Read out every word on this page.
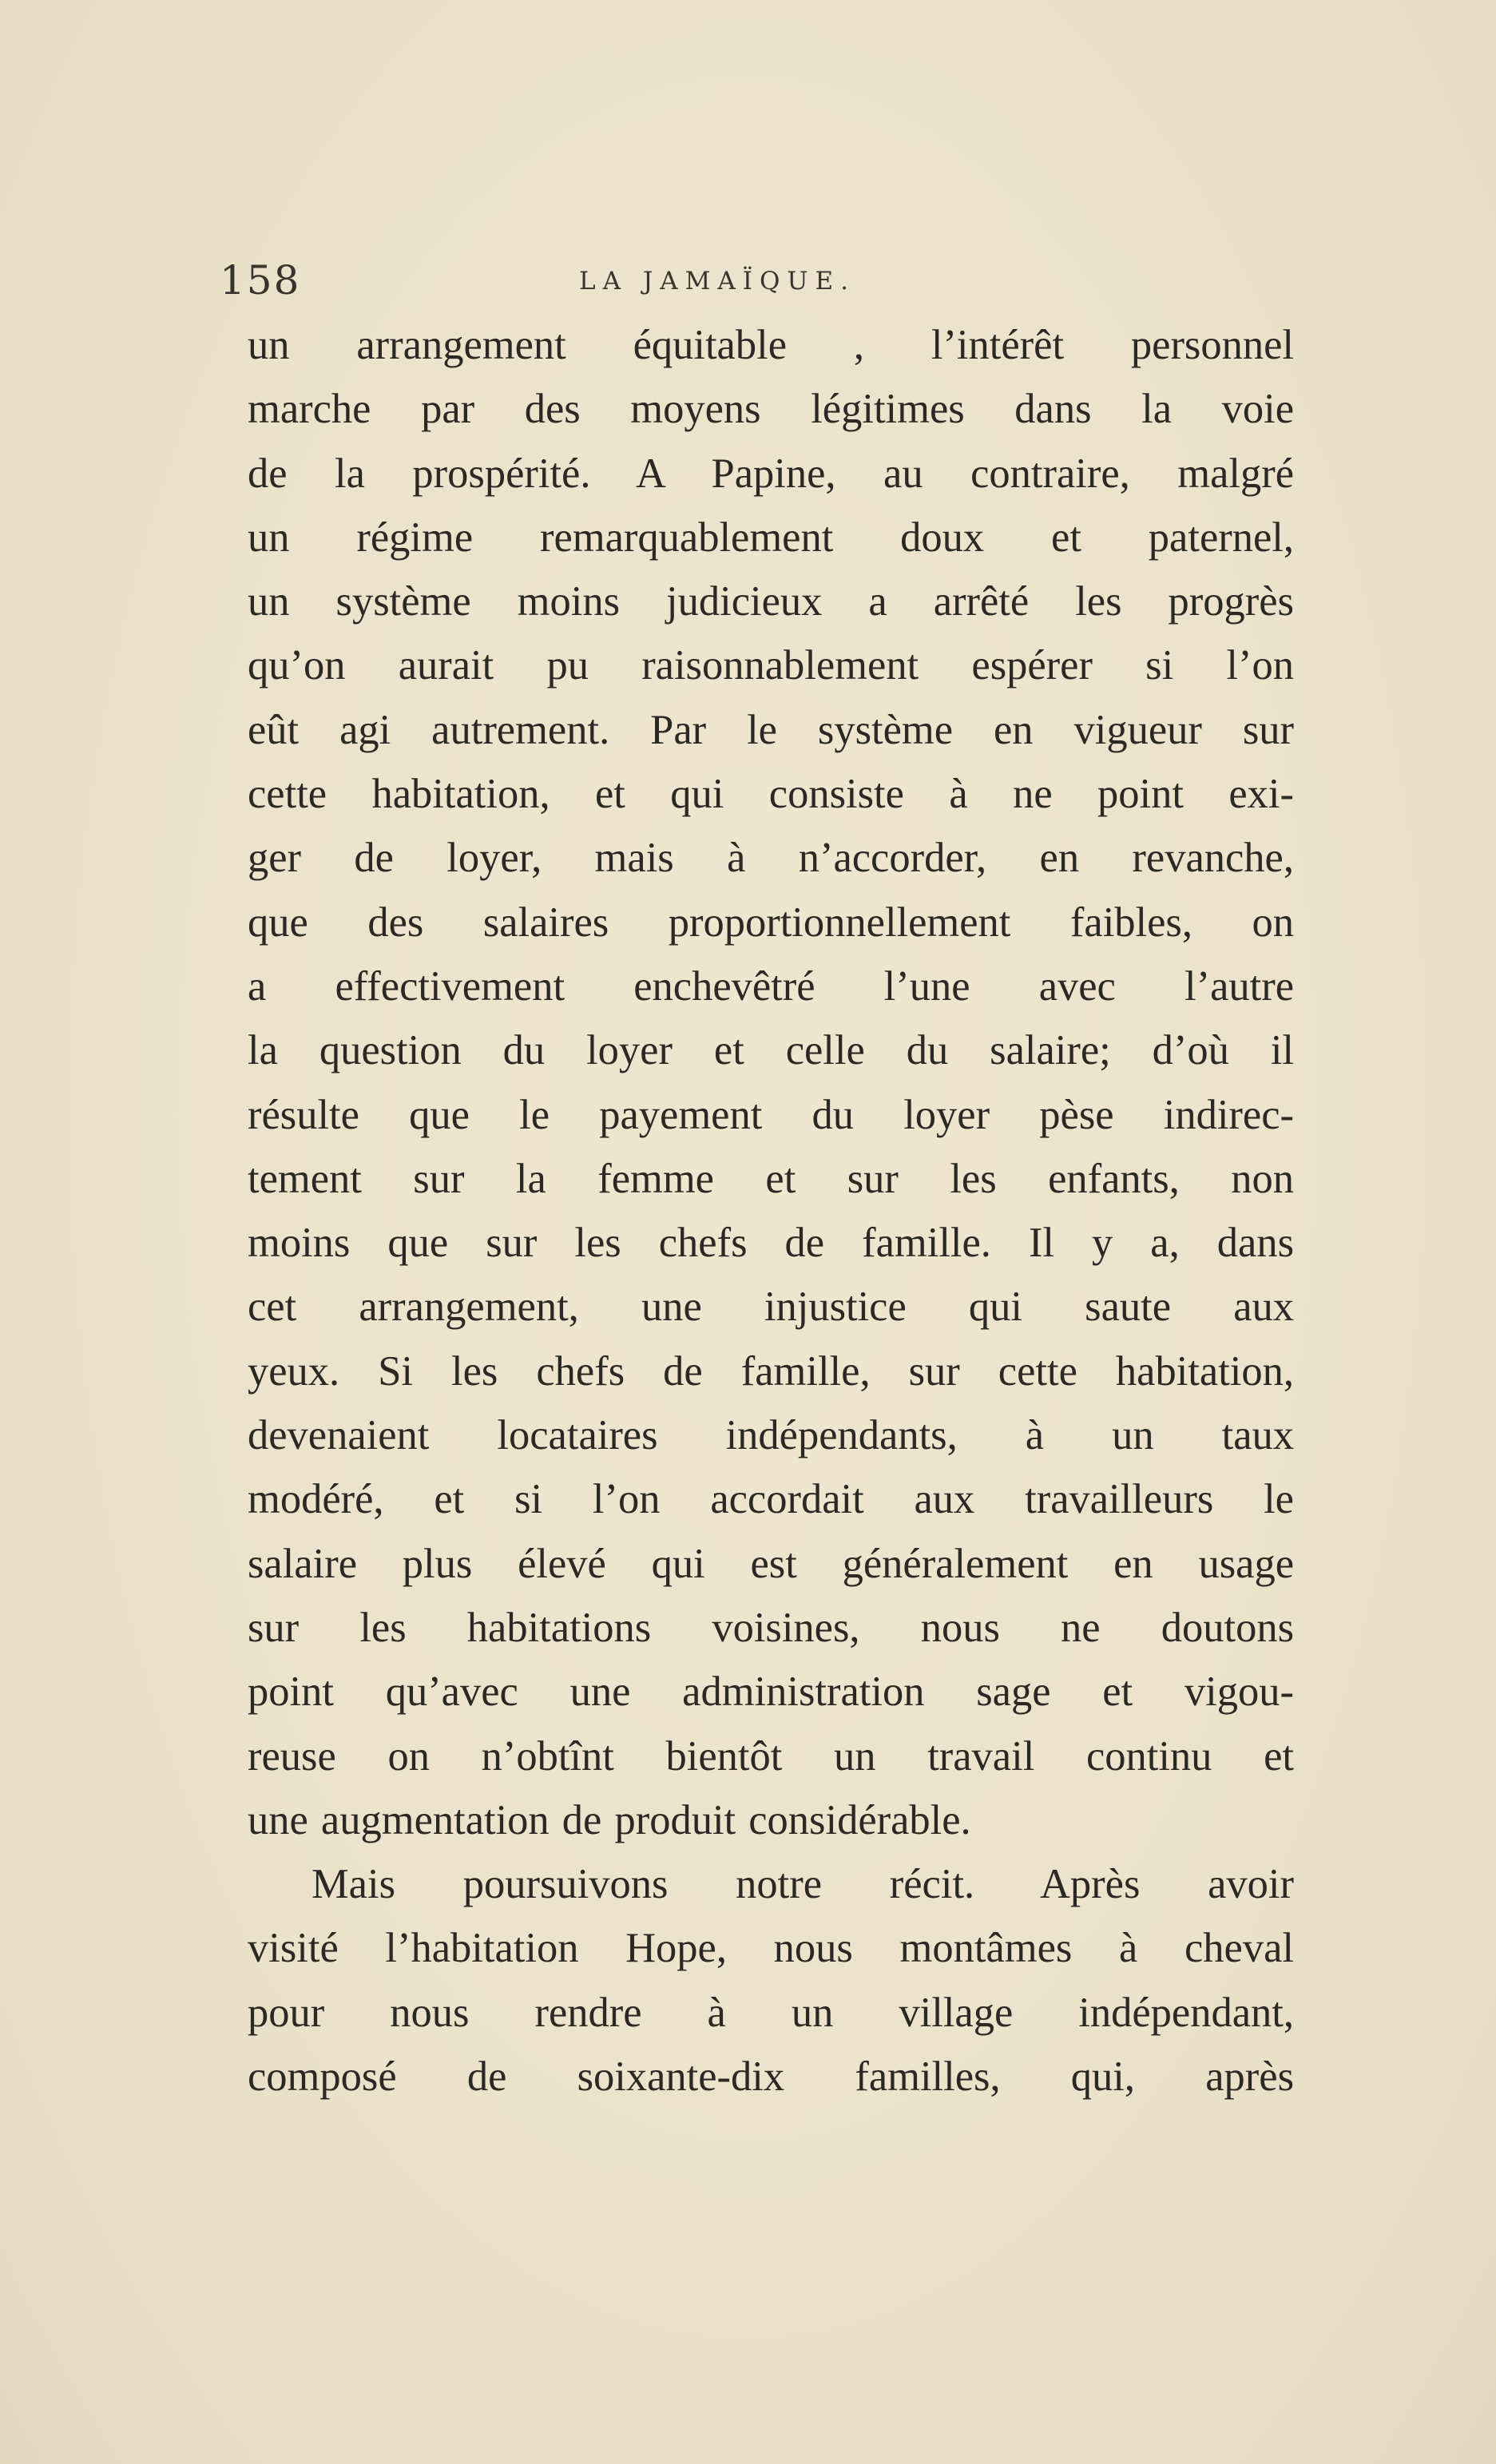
158	LA JAMAÏQUE.
un arrangement équitable , l’intérêt personnel
marche par des moyens légitimes dans la voie
de la prospérité. A Papine, au contraire, malgré
un régime remarquablement doux et paternel,
un système moins judicieux a arrêté les progrès
qu’on aurait pu raisonnablement espérer si l’on
eût agi autrement. Par le système en vigueur sur
cette habitation, et qui consiste à ne point exi-
ger de loyer, mais à n’accorder, en revanche,
que des salaires proportionnellement faibles, on
a effectivement enchevêtré l’une avec l’autre
la question du loyer et celle du salaire; d’où il
résulte que le payement du loyer pèse indirec-
tement sur la femme et sur les enfants, non
moins que sur les chefs de famille. Il y a, dans
cet arrangement, une injustice qui saute aux
yeux. Si les chefs de famille, sur cette habitation,
devenaient locataires indépendants, à un taux
modéré, et si l’on accordait aux travailleurs le
salaire plus élevé qui est généralement en usage
sur les habitations voisines, nous ne doutons
point qu’avec une administration sage et vigou-
reuse on n’obtînt bientôt un travail continu et
une augmentation de produit considérable.
Mais poursuivons notre récit. Après avoir
visité l’habitation Hope, nous montâmes à cheval
pour nous rendre à un village indépendant,
composé de soixante-dix familles, qui, après
